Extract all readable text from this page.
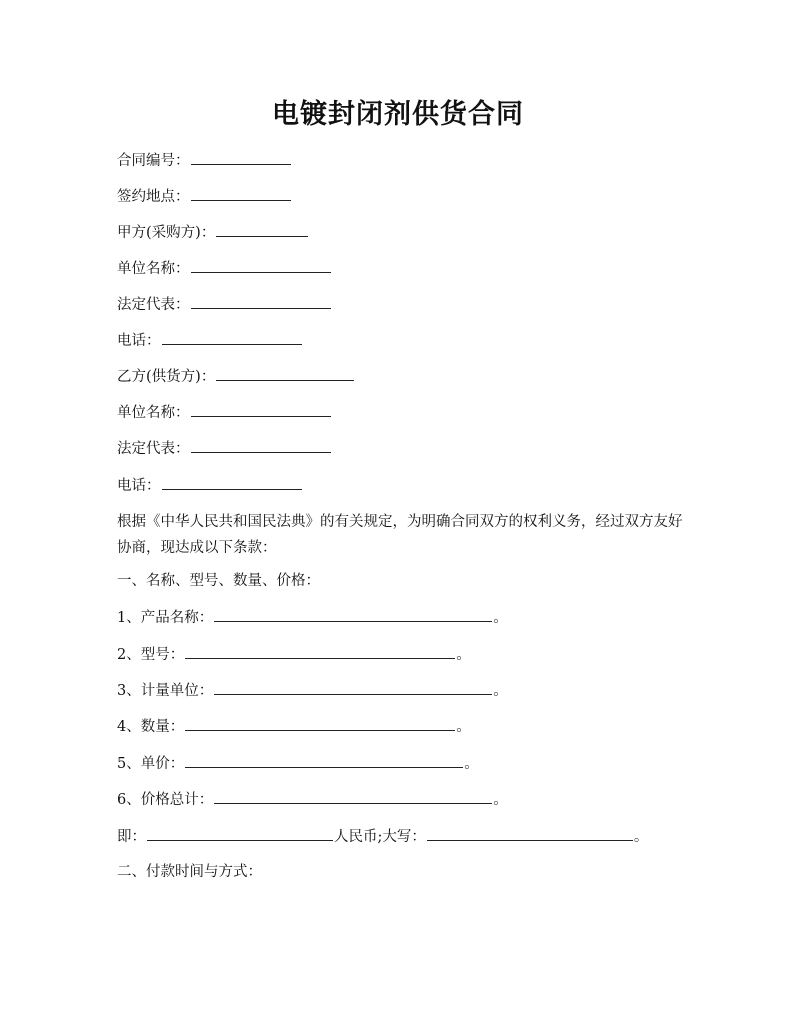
电镀封闭剂供货合同
合同编号：
签约地点：
甲方(采购方)：
单位名称：
法定代表：
电话：
乙方(供货方)：
单位名称：
法定代表：
电话：
根据《中华人民共和国民法典》的有关规定，为明确合同双方的权利义务，经过双方友好协商，现达成以下条款：
一、名称、型号、数量、价格：
1、产品名称：	。
2、型号：	。
3、计量单位：	。
4、数量：	。
5、单价：	。
6、价格总计：	。
即：	人民币;大写：	。
二、付款时间与方式：
